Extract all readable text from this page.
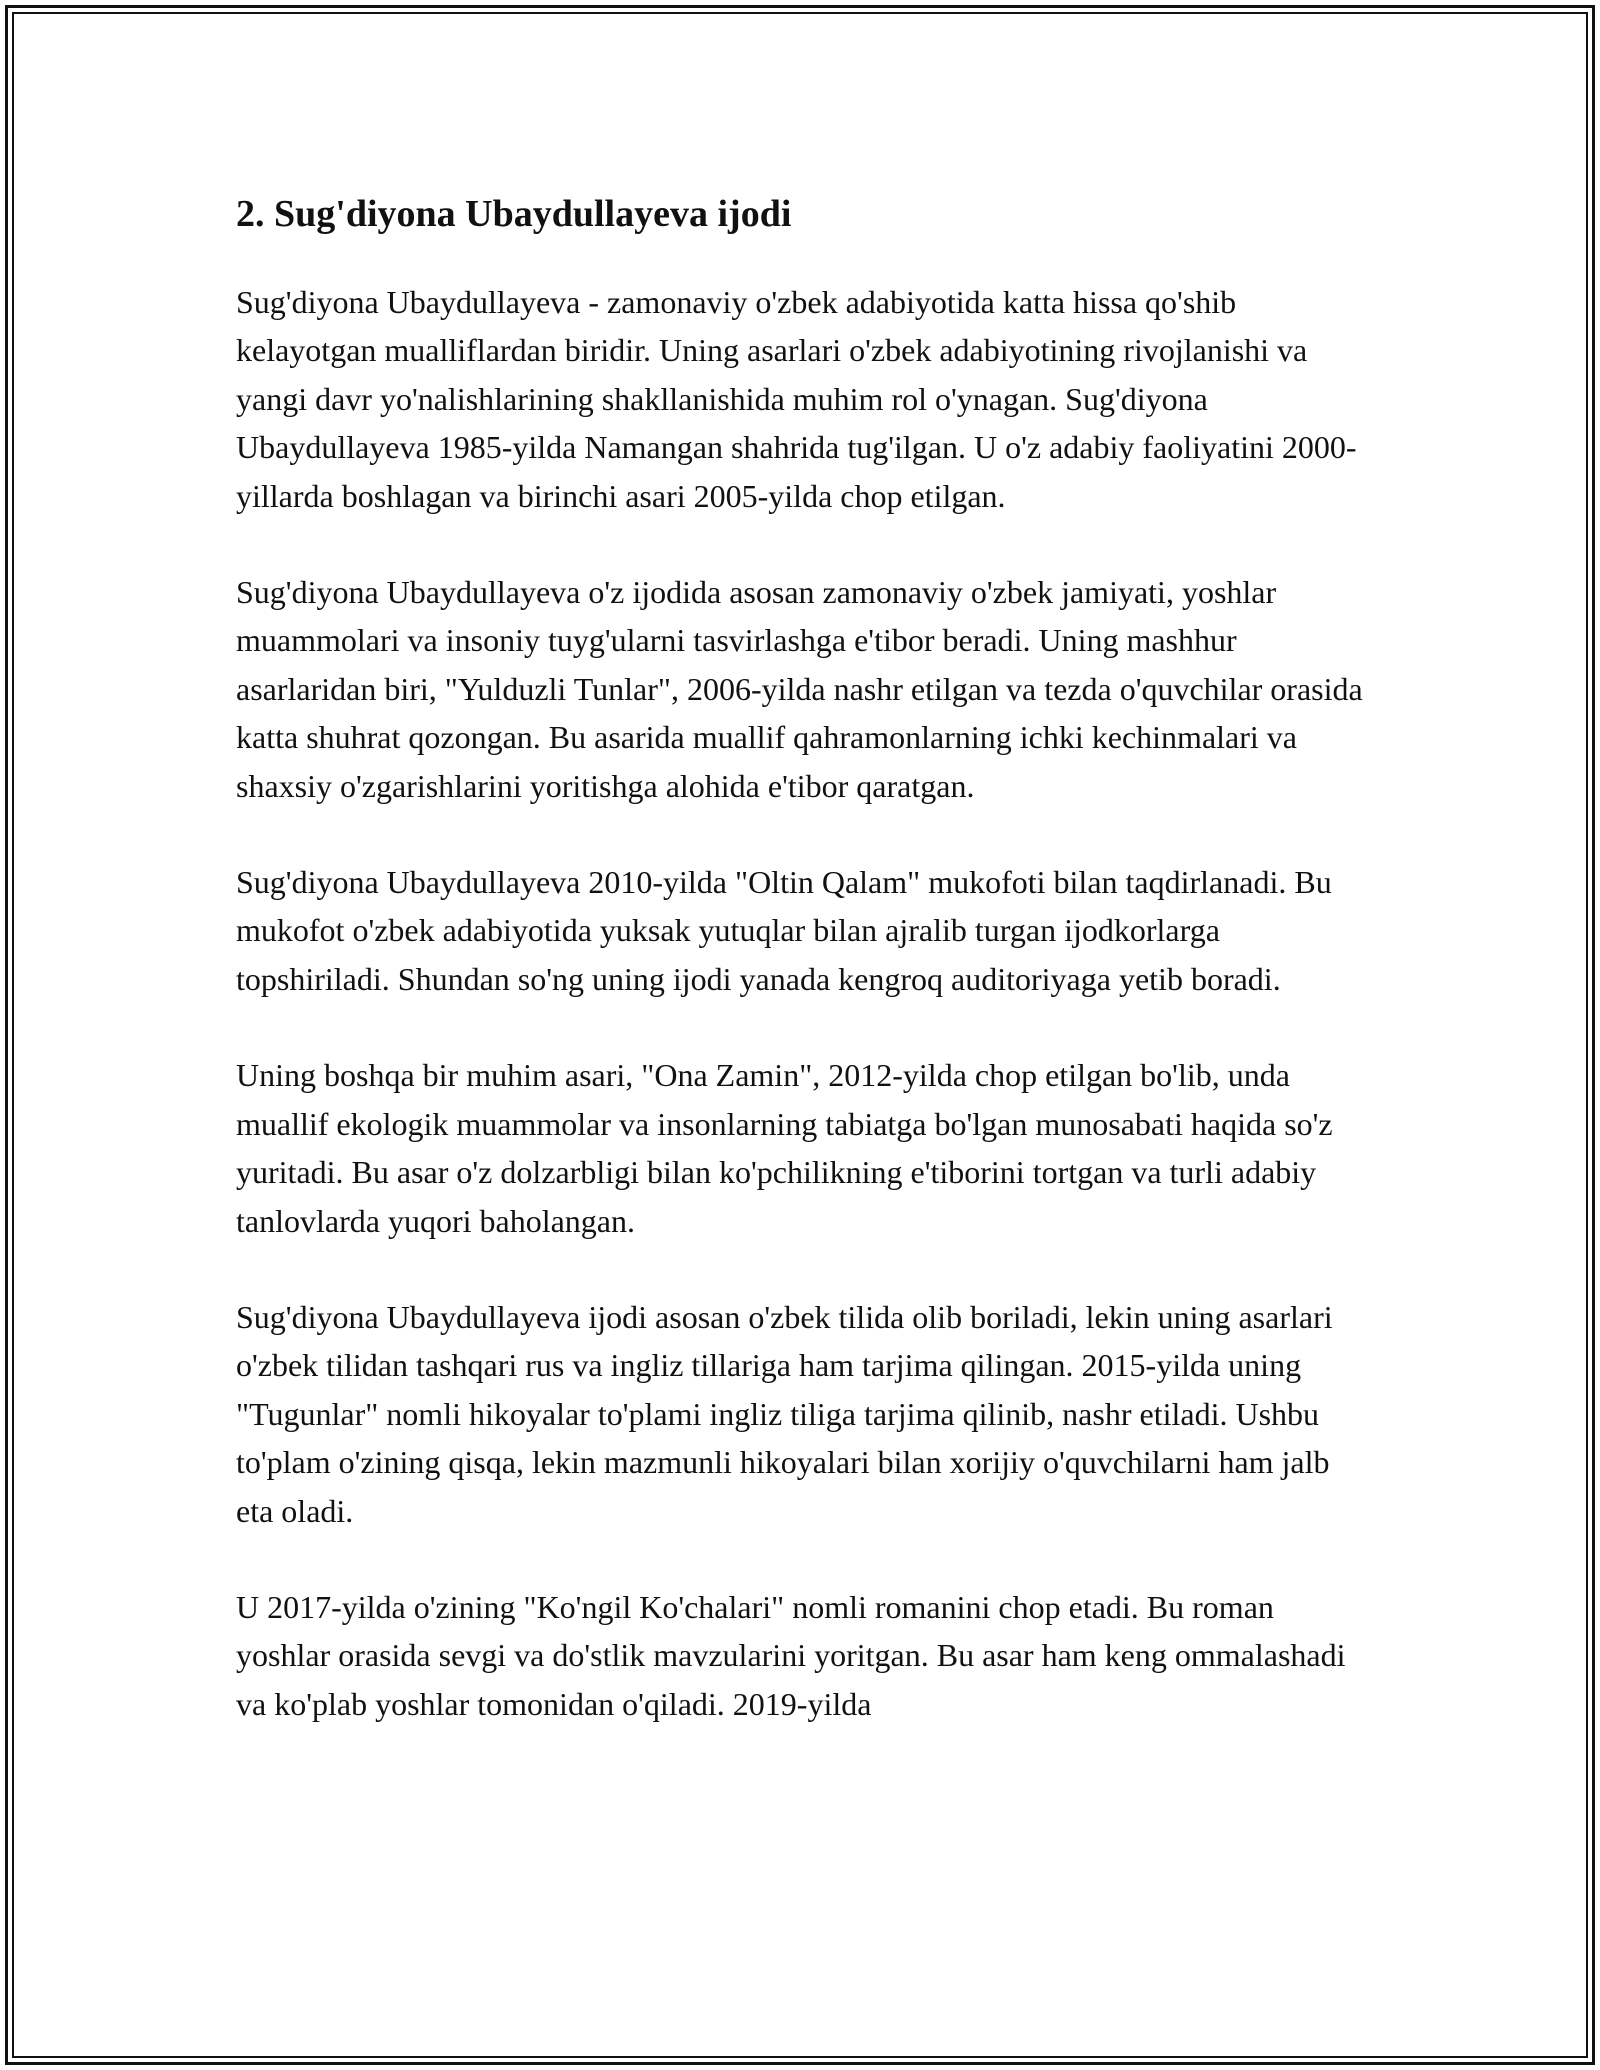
2. Sug'diyona Ubaydullayeva ijodi

Sug'diyona Ubaydullayeva - zamonaviy o'zbek adabiyotida katta hissa qo'shib kelayotgan mualliflardan biridir. Uning asarlari o'zbek adabiyotining rivojlanishi va yangi davr yo'nalishlarining shakllanishida muhim rol o'ynagan. Sug'diyona Ubaydullayeva 1985-yilda Namangan shahrida tug'ilgan. U o'z adabiy faoliyatini 2000-yillarda boshlagan va birinchi asari 2005-yilda chop etilgan.

Sug'diyona Ubaydullayeva o'z ijodida asosan zamonaviy o'zbek jamiyati, yoshlar muammolari va insoniy tuyg'ularni tasvirlashga e'tibor beradi. Uning mashhur asarlaridan biri, "Yulduzli Tunlar", 2006-yilda nashr etilgan va tezda o'quvchilar orasida katta shuhrat qozongan. Bu asarida muallif qahramonlarning ichki kechinmalari va shaxsiy o'zgarishlarini yoritishga alohida e'tibor qaratgan.

Sug'diyona Ubaydullayeva 2010-yilda "Oltin Qalam" mukofoti bilan taqdirlanadi. Bu mukofot o'zbek adabiyotida yuksak yutuqlar bilan ajralib turgan ijodkorlarga topshiriladi. Shundan so'ng uning ijodi yanada kengroq auditoriyaga yetib boradi.

Uning boshqa bir muhim asari, "Ona Zamin", 2012-yilda chop etilgan bo'lib, unda muallif ekologik muammolar va insonlarning tabiatga bo'lgan munosabati haqida so'z yuritadi. Bu asar o'z dolzarbligi bilan ko'pchilikning e'tiborini tortgan va turli adabiy tanlovlarda yuqori baholangan.

Sug'diyona Ubaydullayeva ijodi asosan o'zbek tilida olib boriladi, lekin uning asarlari o'zbek tilidan tashqari rus va ingliz tillariga ham tarjima qilingan. 2015-yilda uning "Tugunlar" nomli hikoyalar to'plami ingliz tiliga tarjima qilinib, nashr etiladi. Ushbu to'plam o'zining qisqa, lekin mazmunli hikoyalari bilan xorijiy o'quvchilarni ham jalb eta oladi.

U 2017-yilda o'zining "Ko'ngil Ko'chalari" nomli romanini chop etadi. Bu roman yoshlar orasida sevgi va do'stlik mavzularini yoritgan. Bu asar ham keng ommalashadi va ko'plab yoshlar tomonidan o'qiladi. 2019-yilda
